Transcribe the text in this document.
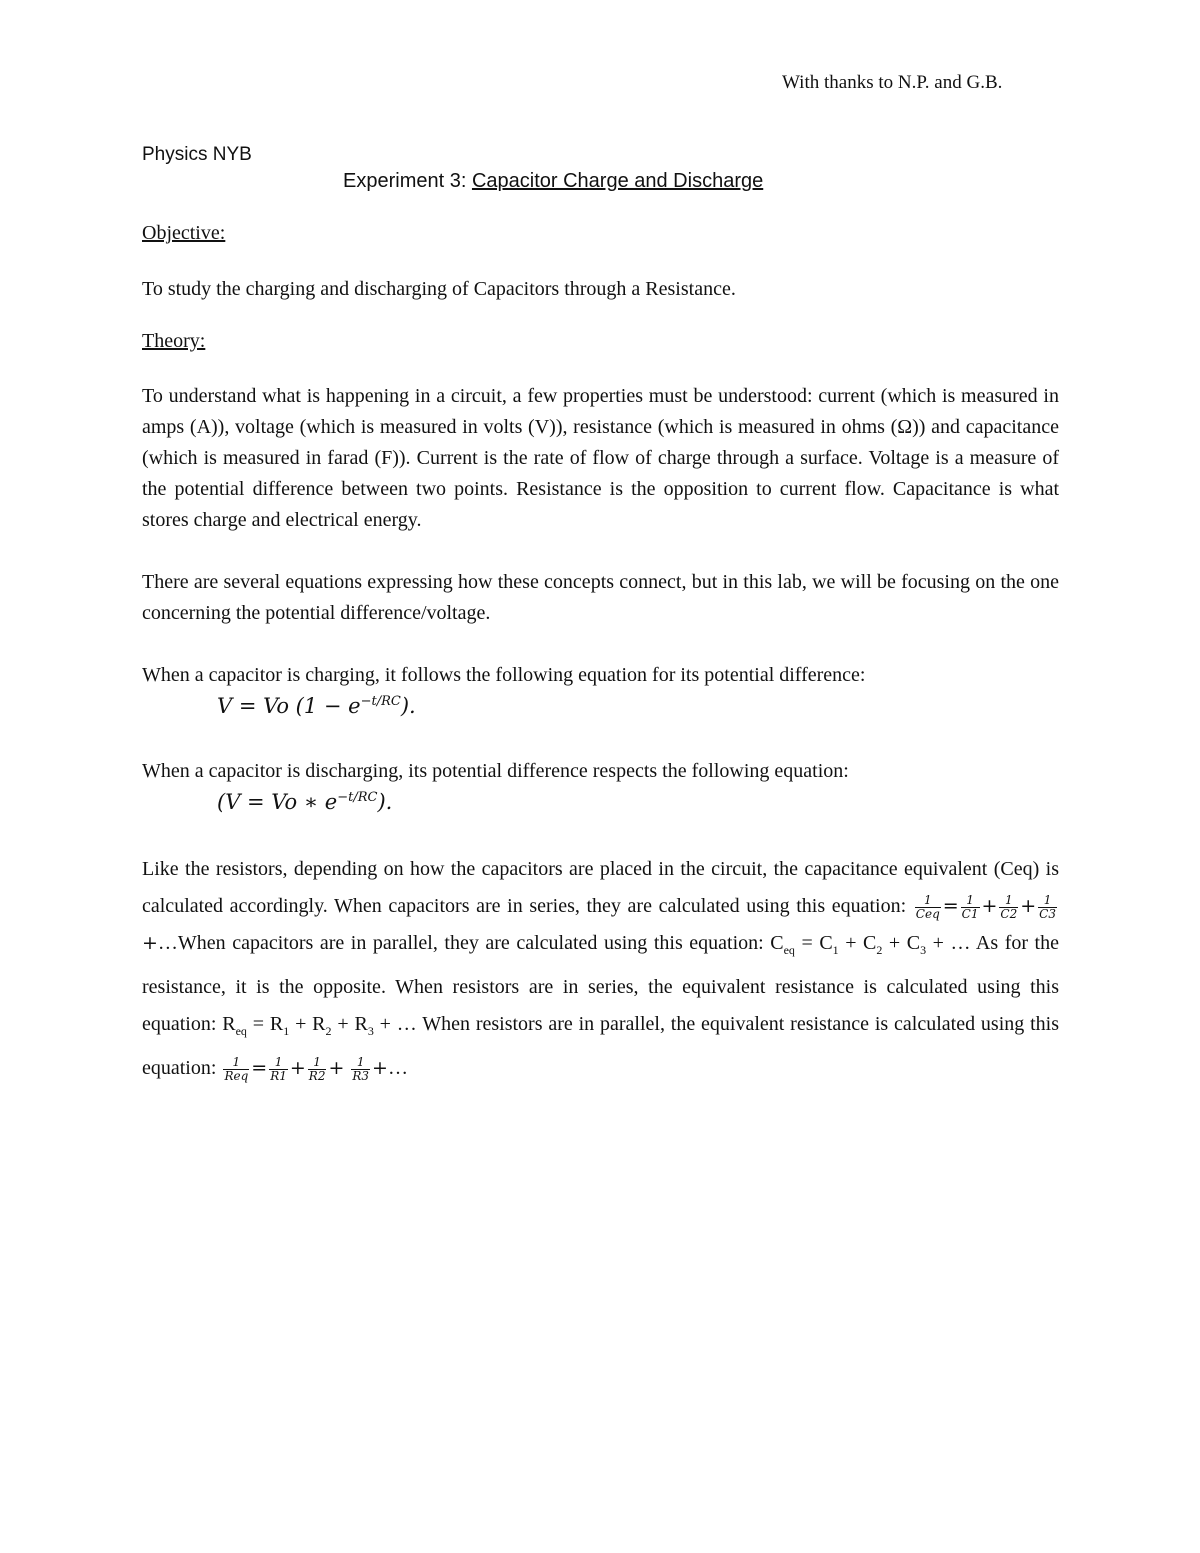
With thanks to N.P. and G.B.
Physics NYB
Experiment 3: Capacitor Charge and Discharge
Objective:
To study the charging and discharging of Capacitors through a Resistance.
Theory:
To understand what is happening in a circuit, a few properties must be understood: current (which is measured in amps (A)), voltage (which is measured in volts (V)), resistance (which is measured in ohms (Ω)) and capacitance (which is measured in farad (F)). Current is the rate of flow of charge through a surface. Voltage is a measure of the potential difference between two points. Resistance is the opposition to current flow. Capacitance is what stores charge and electrical energy.
There are several equations expressing how these concepts connect, but in this lab, we will be focusing on the one concerning the potential difference/voltage.
When a capacitor is charging, it follows the following equation for its potential difference:
V = Vo $(1 - e^{-t/RC})$.
When a capacitor is discharging, its potential difference respects the following equation:
(V = Vo ∗ $e^{-t/RC}$).
Like the resistors, depending on how the capacitors are placed in the circuit, the capacitance equivalent (Ceq) is calculated accordingly. When capacitors are in series, they are calculated using this equation: $\frac{1}{\text{Ceq}} = \frac{1}{C1} + \frac{1}{C2} + \frac{1}{C3}$
+…When capacitors are in parallel, they are calculated using this equation: $C_{eq} = C_1 + C_2 + C_3$ + … As for the resistance, it is the opposite. When resistors are in series, the equivalent resistance is calculated using this equation: $R_{eq} = R_1 + R_2 + R_3$ + … When resistors are in parallel, the equivalent resistance is calculated using this equation: $\frac{1}{\text{Req}} = \frac{1}{R1} + \frac{1}{R2} + \frac{1}{R3}$ +…
